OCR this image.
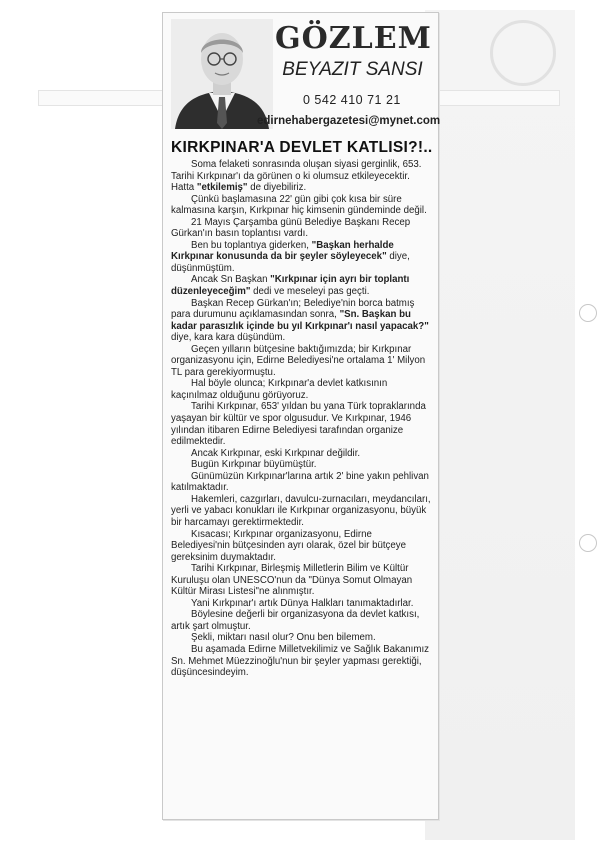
GÖZLEM
BEYAZIT SANSI
0 542 410 71 21
edirnehabergazetesi@mynet.com
KIRKPINAR'A DEVLET KATLISI?!..

Soma felaketi sonrasında oluşan siyasi gerginlik, 653. Tarihi Kırkpınar'ı da görünen o ki olumsuz etkileyecektir. Hatta "etkilemiş" de diyebiliriz.

Çünkü başlamasına 22' gün gibi çok kısa bir süre kalmasına karşın, Kırkpınar hiç kimsenin gündeminde değil.

21 Mayıs Çarşamba günü Belediye Başkanı Recep Gürkan'ın basın toplantısı vardı.

Ben bu toplantıya giderken, "Başkan herhalde Kırkpınar konusunda da bir şeyler söyleyecek" diye, düşünmüştüm.

Ancak Sn Başkan "Kırkpınar için ayrı bir toplantı düzenleyeceğim" dedi ve meseleyi pas geçti.

Başkan Recep Gürkan'ın; Belediye'nin borca batmış para durumunu açıklamasından sonra, "Sn. Başkan bu kadar parasızlık içinde bu yıl Kırkpınar'ı nasıl yapacak?" diye, kara kara düşündüm.

Geçen yılların bütçesine baktığımızda; bir Kırkpınar organizasyonu için, Edirne Belediyesi'ne ortalama 1' Milyon TL para gerekiyormuştu.

Hal böyle olunca; Kırkpınar'a devlet katkısının kaçınılmaz olduğunu görüyoruz.

Tarihi Kırkpınar, 653' yıldan bu yana Türk topraklarında yaşayan bir kültür ve spor olgusudur. Ve Kırkpınar, 1946 yılından itibaren Edirne Belediyesi tarafından organize edilmektedir.

Ancak Kırkpınar, eski Kırkpınar değildir.

Bugün Kırkpınar büyümüştür.

Günümüzün Kırkpınar'larına artık 2' bine yakın pehlivan katılmaktadır.

Hakemleri, cazgırları, davulcu-zurnacıları, meydancıları, yerli ve yabacı konukları ile Kırkpınar organizasyonu, büyük bir harcamayı gerektirmektedir.

Kısacası; Kırkpınar organizasyonu, Edirne Belediyesi'nin bütçesinden ayrı olarak, özel bir bütçeye gereksinim duymaktadır.

Tarihi Kırkpınar, Birleşmiş Milletlerin Bilim ve Kültür Kuruluşu olan UNESCO'nun da "Dünya Somut Olmayan Kültür Mirası Listesi"ne alınmıştır.

Yani Kırkpınar'ı artık Dünya Halkları tanımaktadırlar.

Böylesine değerli bir organizasyona da devlet katkısı, artık şart olmuştur.

Şekli, miktarı nasıl olur? Onu ben bilemem.

Bu aşamada Edirne Milletvekilimiz ve Sağlık Bakanımız Sn. Mehmet Müezzinoğlu'nun bir şeyler yapması gerektiği, düşüncesindeyim.
